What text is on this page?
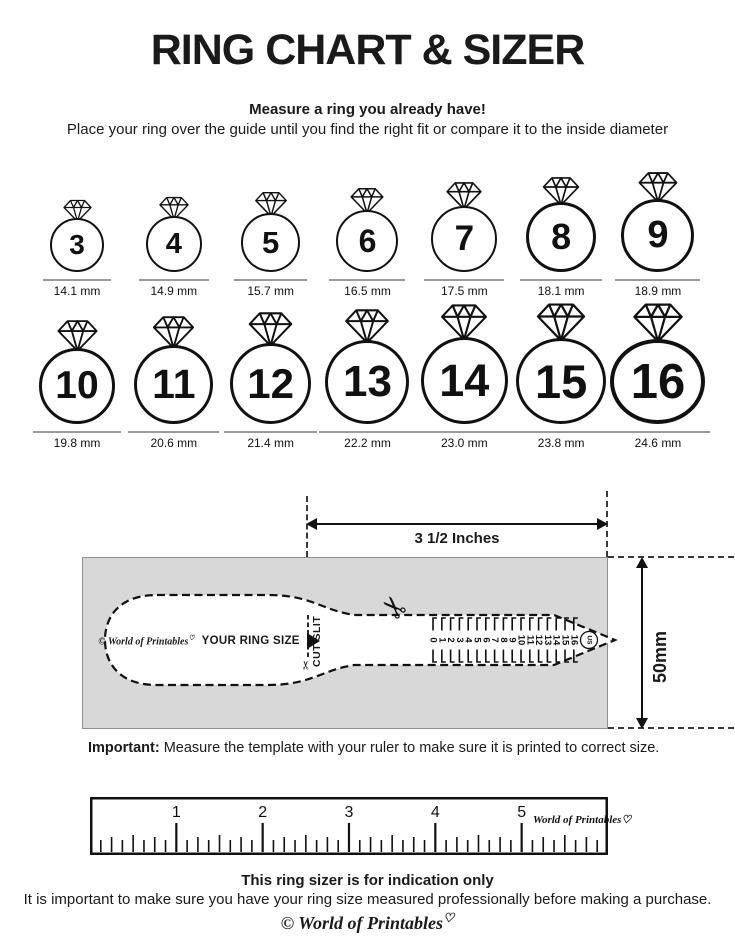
RING CHART & SIZER
Measure a ring you already have!
Place your ring over the guide until you find the right fit or compare it to the inside diameter
3
14.1 mm
4
14.9 mm
5
15.7 mm
6
16.5 mm
7
17.5 mm
8
18.1 mm
9
18.9 mm
10
19.8 mm
11
20.6 mm
12
21.4 mm
13
22.2 mm
14
23.0 mm
15
23.8 mm
16
24.6 mm
3 1/2 Inches
✂
✂
0
1
2
3
4
5
6
7
8
9
10
11
12
13
14
15
16 US
© World of Printables♡ YOUR RING SIZE CUT SLIT	50mm
Important: Measure the template with your ruler to make sure it is printed to correct size.
1	2	3	4	5 World of Printables♡
This ring sizer is for indication only
It is important to make sure you have your ring size measured professionally before making a purchase.
© World of Printables♡
